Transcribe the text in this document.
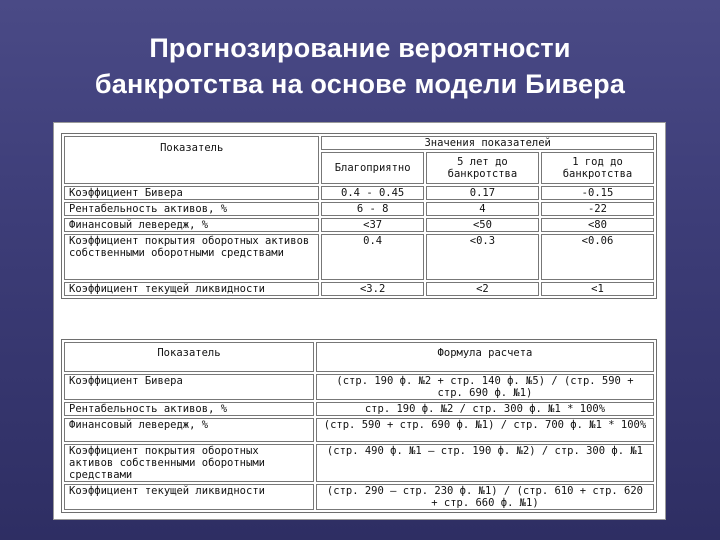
Прогнозирование вероятности
банкротства на основе модели Бивера
Показатель	Значения показателей		
	Благоприятно	5 лет до банкротства	1 год до банкротства
Коэффициент Бивера	0.4 - 0.45	0.17	-0.15
Рентабельность активов, %	6 - 8	4	-22
Финансовый левередж, %	<37	<50	<80
Коэффициент покрытия оборотных активов собственными оборотными средствами	0.4	<0.3	<0.06
Коэффициент текущей ликвидности	<3.2	<2	<1
Показатель	Формула расчета
Коэффициент Бивера	(стр. 190 ф. №2 + стр. 140 ф. №5) / (стр. 590 + стр. 690 ф. №1)
Рентабельность активов, %	стр. 190 ф. №2 / стр. 300 ф. №1 * 100%
Финансовый левередж, %	(стр. 590 + стр. 690 ф. №1) / стр. 700 ф. №1 * 100%
Коэффициент покрытия оборотных активов собственными оборотными средствами	(стр. 490 ф. №1 – стр. 190 ф. №2) / стр. 300 ф. №1
Коэффициент текущей ликвидности	(стр. 290 – стр. 230 ф. №1) / (стр. 610 + стр. 620 + стр. 660 ф. №1)
